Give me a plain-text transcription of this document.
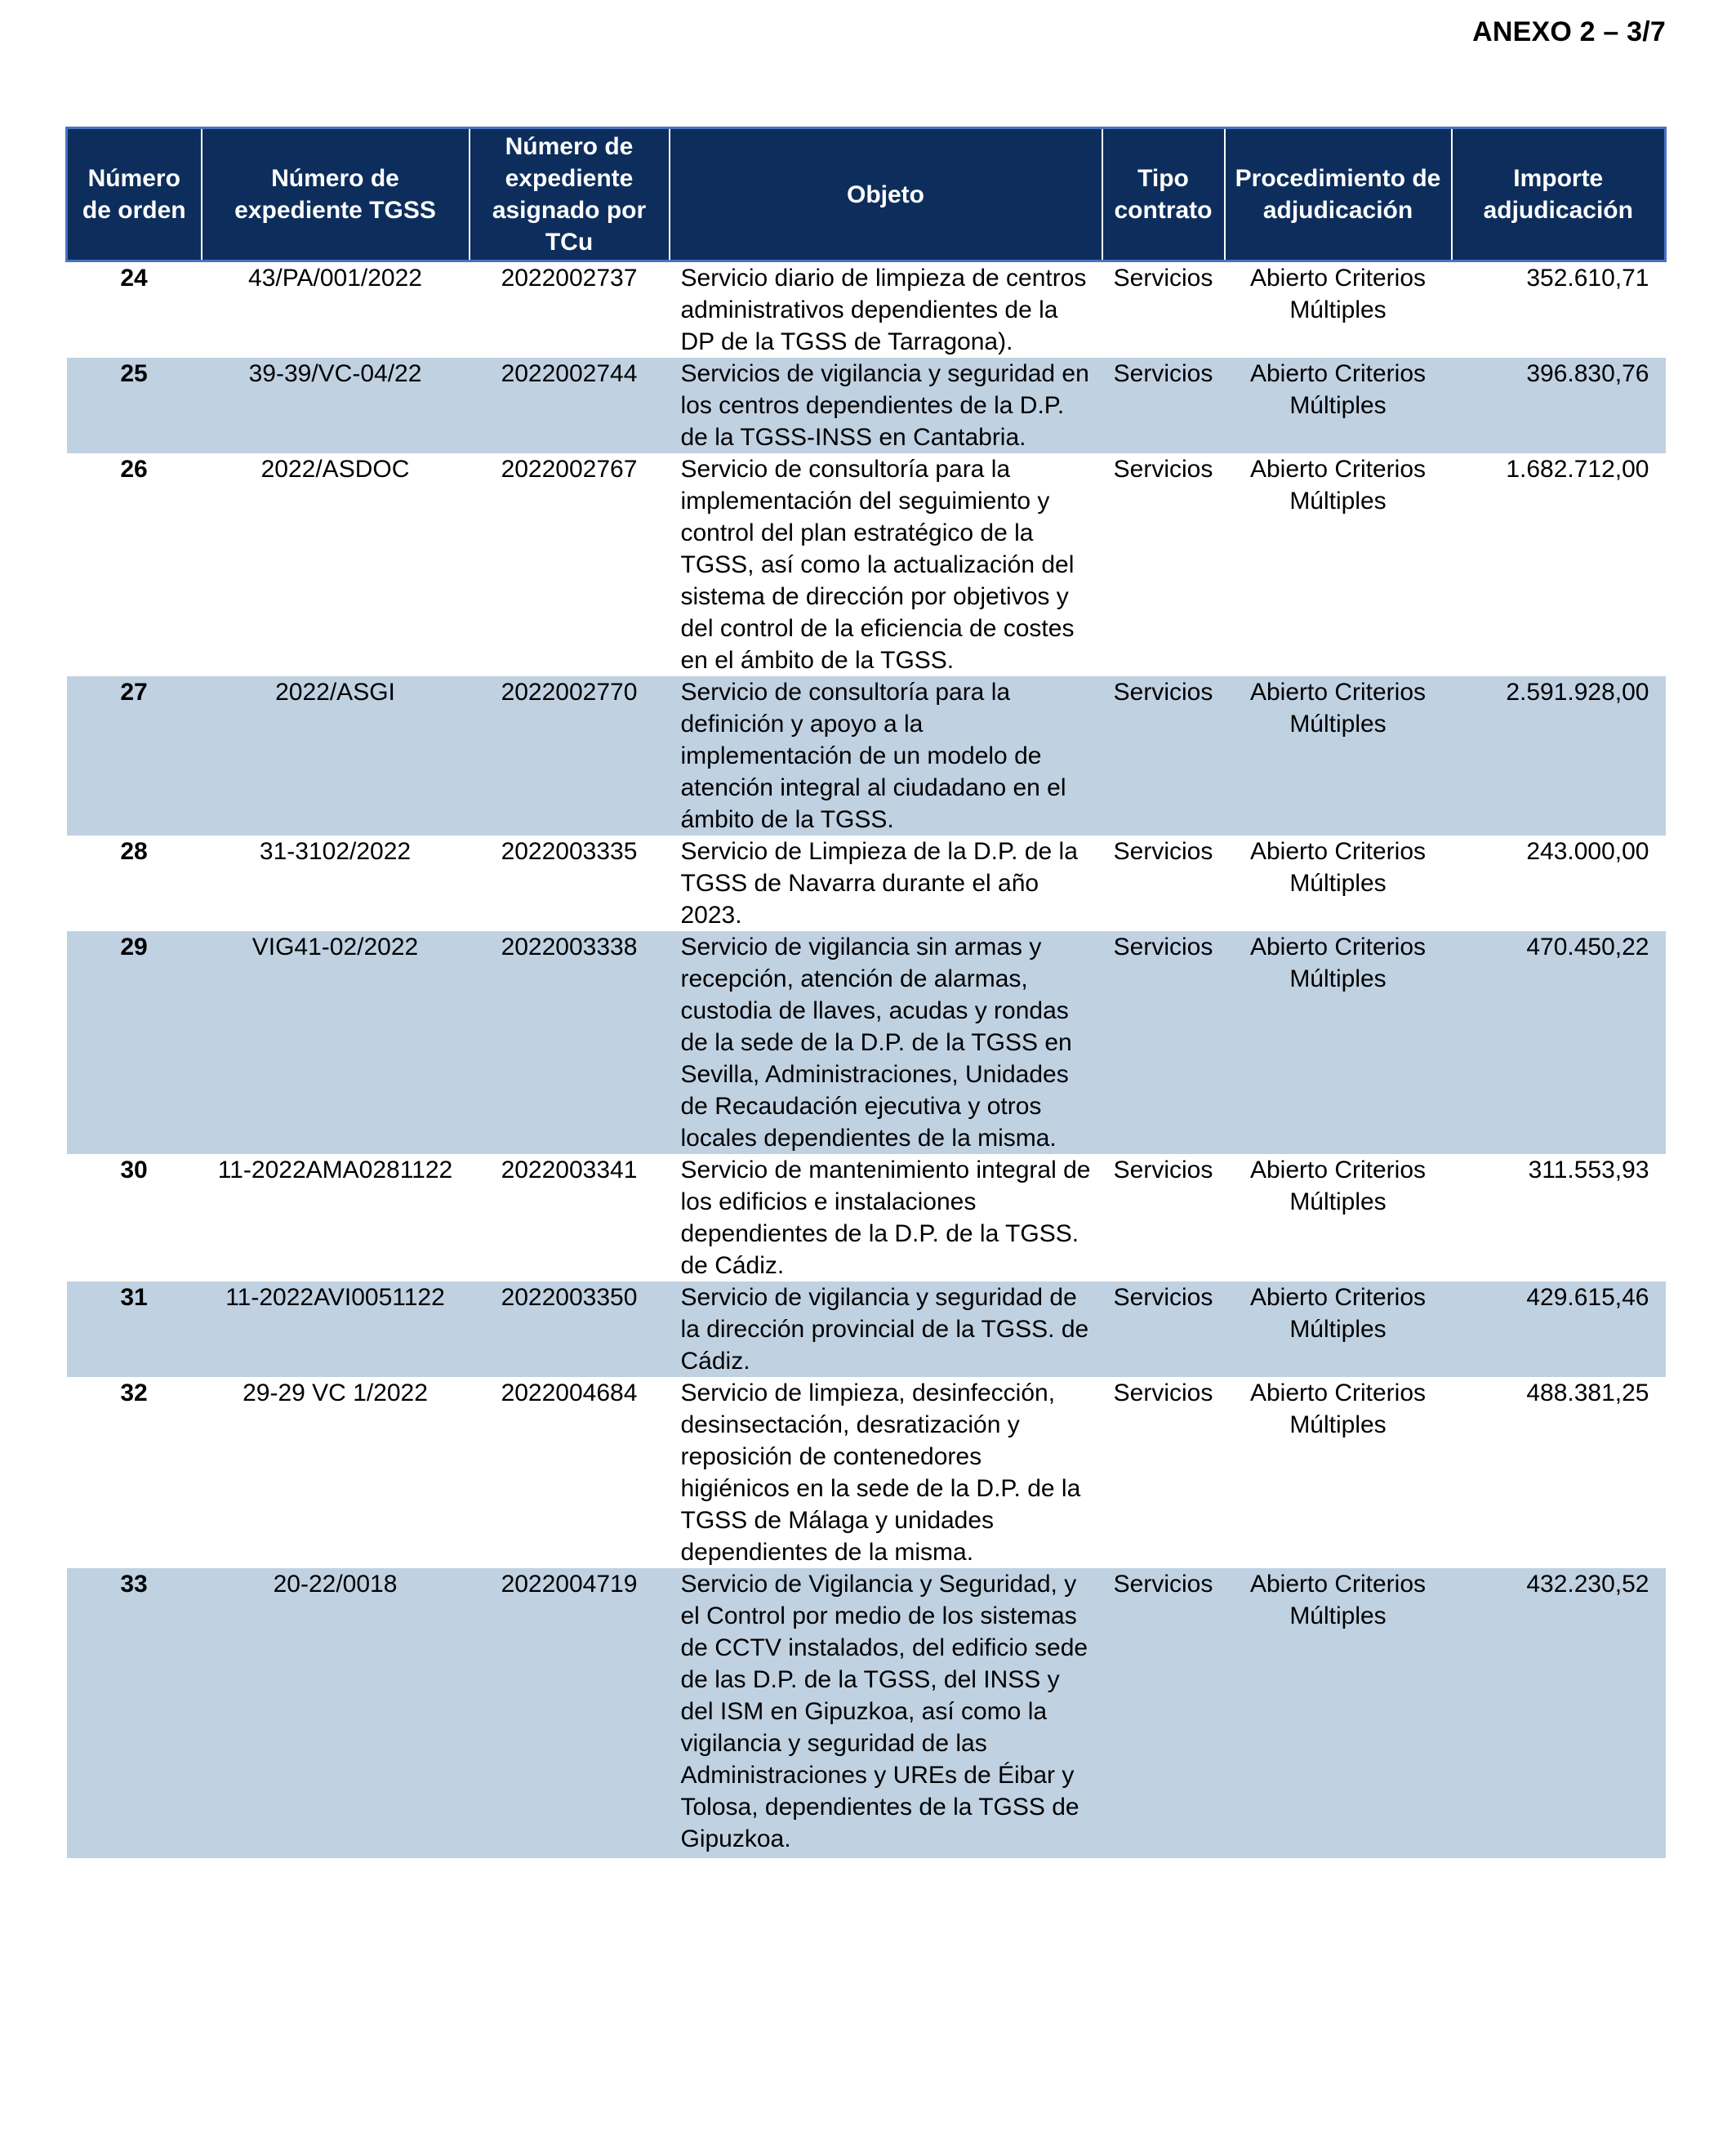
ANEXO 2 – 3/7
Número de orden	Número de expediente TGSS	Número de expediente asignado por TCu	Objeto	Tipo contrato	Procedimiento de adjudicación	Importe adjudicación
24	43/PA/001/2022	2022002737	Servicio diario de limpieza de centros administrativos dependientes de la DP de la TGSS de Tarragona).	Servicios	Abierto Criterios Múltiples	352.610,71
25	39-39/VC-04/22	2022002744	Servicios de vigilancia y seguridad en los centros dependientes de la D.P. de la TGSS-INSS en Cantabria.	Servicios	Abierto Criterios Múltiples	396.830,76
26	2022/ASDOC	2022002767	Servicio de consultoría para la implementación del seguimiento y control del plan estratégico de la TGSS, así como la actualización del sistema de dirección por objetivos y del control de la eficiencia de costes en el ámbito de la TGSS.	Servicios	Abierto Criterios Múltiples	1.682.712,00
27	2022/ASGI	2022002770	Servicio de consultoría para la definición y apoyo a la implementación de un modelo de atención integral al ciudadano en el ámbito de la TGSS.	Servicios	Abierto Criterios Múltiples	2.591.928,00
28	31-3102/2022	2022003335	Servicio de Limpieza de la D.P. de la TGSS de Navarra durante el año 2023.	Servicios	Abierto Criterios Múltiples	243.000,00
29	VIG41-02/2022	2022003338	Servicio de vigilancia sin armas y recepción, atención de alarmas, custodia de llaves, acudas y rondas de la sede de la D.P. de la TGSS en Sevilla, Administraciones, Unidades de Recaudación ejecutiva y otros locales dependientes de la misma.	Servicios	Abierto Criterios Múltiples	470.450,22
30	11-2022AMA0281122	2022003341	Servicio de mantenimiento integral de los edificios e instalaciones dependientes de la D.P. de la TGSS. de Cádiz.	Servicios	Abierto Criterios Múltiples	311.553,93
31	11-2022AVI0051122	2022003350	Servicio de vigilancia y seguridad de la dirección provincial de la TGSS. de Cádiz.	Servicios	Abierto Criterios Múltiples	429.615,46
32	29-29 VC 1/2022	2022004684	Servicio de limpieza, desinfección, desinsectación, desratización y reposición de contenedores higiénicos en la sede de la D.P. de la TGSS de Málaga y unidades dependientes de la misma.	Servicios	Abierto Criterios Múltiples	488.381,25
33	20-22/0018	2022004719	Servicio de Vigilancia y Seguridad, y el Control por medio de los sistemas de CCTV instalados, del edificio sede de las D.P. de la TGSS, del INSS y del ISM en Gipuzkoa, así como la vigilancia y seguridad de las Administraciones y UREs de Éibar y Tolosa, dependientes de la TGSS de Gipuzkoa.	Servicios	Abierto Criterios Múltiples	432.230,52
